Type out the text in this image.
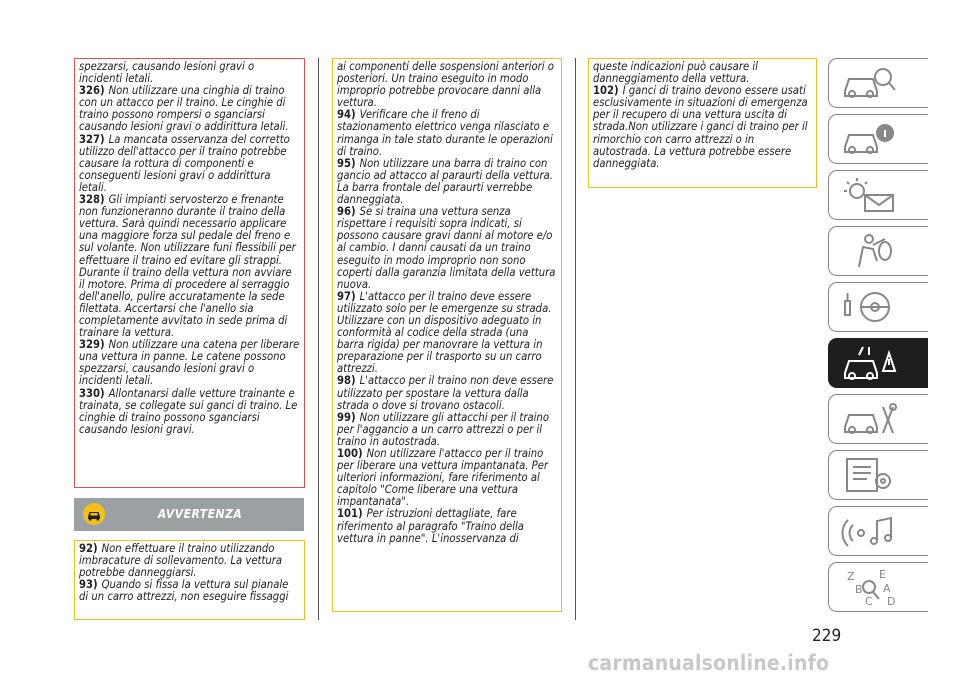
spezzarsi, causando lesioni gravi o incidenti letali.

326) Non utilizzare una cinghia di traino con un attacco per il traino. Le cinghie di traino possono rompersi o sganciarsi causando lesioni gravi o addirittura letali.

327) La mancata osservanza del corretto utilizzo dell'attacco per il traino potrebbe causare la rottura di componenti e conseguenti lesioni gravi o addirittura letali.

328) Gli impianti servosterzo e frenante non funzioneranno durante il traino della vettura. Sarà quindi necessario applicare una maggiore forza sul pedale del freno e sul volante. Non utilizzare funi flessibili per effettuare il traino ed evitare gli strappi. Durante il traino della vettura non avviare il motore. Prima di procedere al serraggio dell'anello, pulire accuratamente la sede filettata. Accertarsi che l'anello sia completamente avvitato in sede prima di trainare la vettura.

329) Non utilizzare una catena per liberare una vettura in panne. Le catene possono spezzarsi, causando lesioni gravi o incidenti letali.

330) Allontanarsi dalle vetture trainante e trainata, se collegate sui ganci di traino. Le cinghie di traino possono sganciarsi causando lesioni gravi.

AVVERTENZA

92) Non effettuare il traino utilizzando imbracature di sollevamento. La vettura potrebbe danneggiarsi.

93) Quando si fissa la vettura sul pianale di un carro attrezzi, non eseguire fissaggi

ai componenti delle sospensioni anteriori o posteriori. Un traino eseguito in modo improprio potrebbe provocare danni alla vettura.

94) Verificare che il freno di stazionamento elettrico venga rilasciato e rimanga in tale stato durante le operazioni di traino.

95) Non utilizzare una barra di traino con gancio ad attacco al paraurti della vettura. La barra frontale del paraurti verrebbe danneggiata.

96) Se si traina una vettura senza rispettare i requisiti sopra indicati, si possono causare gravi danni al motore e/o al cambio. I danni causati da un traino eseguito in modo improprio non sono coperti dalla garanzia limitata della vettura nuova.

97) L'attacco per il traino deve essere utilizzato solo per le emergenze su strada. Utilizzare con un dispositivo adeguato in conformità al codice della strada (una barra rigida) per manovrare la vettura in preparazione per il trasporto su un carro attrezzi.

98) L'attacco per il traino non deve essere utilizzato per spostare la vettura dalla strada o dove si trovano ostacoli.

99) Non utilizzare gli attacchi per il traino per l'aggancio a un carro attrezzi o per il traino in autostrada.

100) Non utilizzare l'attacco per il traino per liberare una vettura impantanata. Per ulteriori informazioni, fare riferimento al capitolo "Come liberare una vettura impantanata".

101) Per istruzioni dettagliate, fare riferimento al paragrafo "Traino della vettura in panne". L'inosservanza di

queste indicazioni può causare il danneggiamento della vettura.

102) I ganci di traino devono essere usati esclusivamente in situazioni di emergenza per il recupero di una vettura uscita di strada.Non utilizzare i ganci di traino per il rimorchio con carro attrezzi o in autostrada. La vettura potrebbe essere danneggiata.

Z E
A
B
C D
229
carmanualsonline.info
